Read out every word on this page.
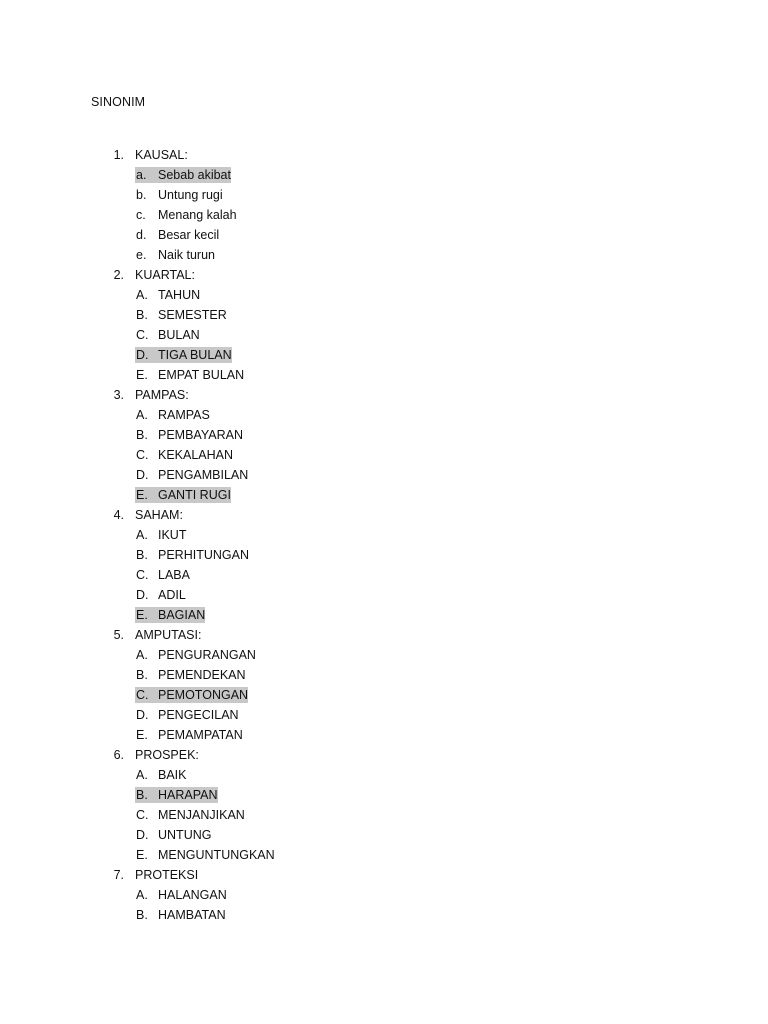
SINONIM
1. KAUSAL:
a. Sebab akibat
b. Untung rugi
c. Menang kalah
d. Besar kecil
e. Naik turun
2. KUARTAL:
A. TAHUN
B. SEMESTER
C. BULAN
D. TIGA BULAN
E. EMPAT BULAN
3. PAMPAS:
A. RAMPAS
B. PEMBAYARAN
C. KEKALAHAN
D. PENGAMBILAN
E. GANTI RUGI
4. SAHAM:
A. IKUT
B. PERHITUNGAN
C. LABA
D. ADIL
E. BAGIAN
5. AMPUTASI:
A. PENGURANGAN
B. PEMENDEKAN
C. PEMOTONGAN
D. PENGECILAN
E. PEMAMPATAN
6. PROSPEK:
A. BAIK
B. HARAPAN
C. MENJANJIKAN
D. UNTUNG
E. MENGUNTUNGKAN
7. PROTEKSI
A. HALANGAN
B. HAMBATAN
